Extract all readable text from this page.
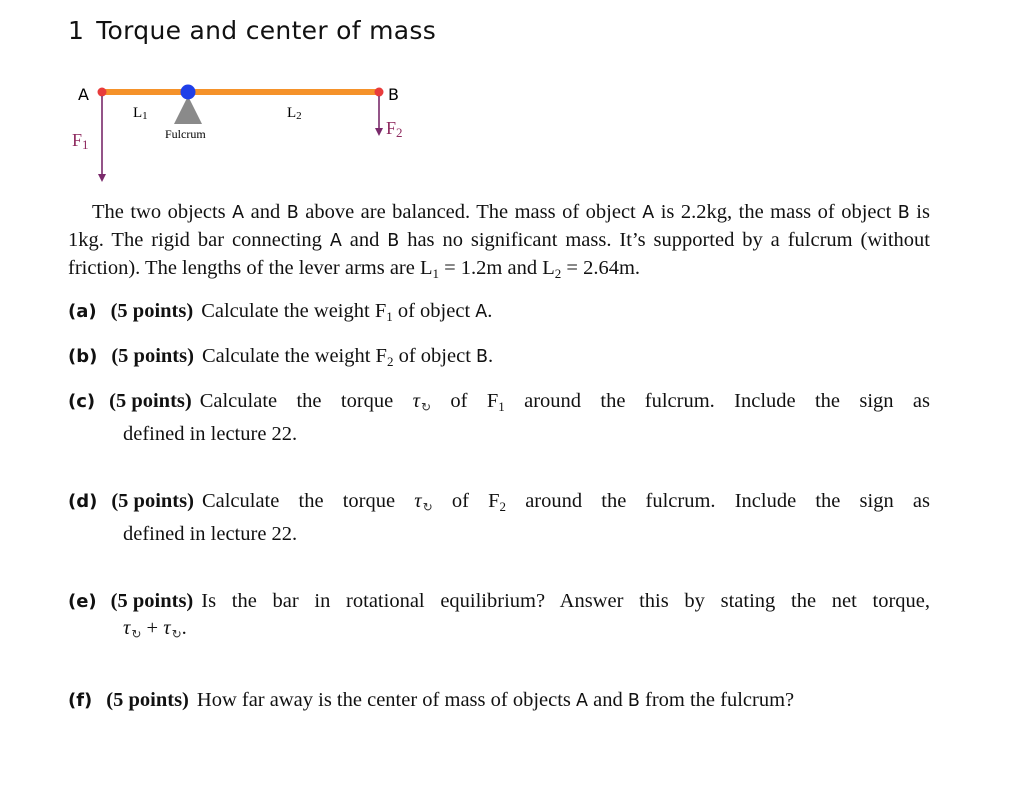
1 Torque and center of mass
A	B
L1	L2
Fulcrum
F1
F2
The two objects A and B above are balanced. The mass of object A is 2.2kg, the mass of object B is 1kg. The rigid bar connecting A and B has no significant mass. It’s supported by a fulcrum (without friction). The lengths of the lever arms are $L_1 = 1.2m$ and $L_2 = 2.64m$.
(a) (5 points) Calculate the weight $F_1$ of object A.
(b) (5 points) Calculate the weight $F_2$ of object B.
(c) (5 points) Calculate the torque τ↻ of $F_1$ around the fulcrum. Include the sign as
defined in lecture 22.
(d) (5 points) Calculate the torque τ↻ of $F_2$ around the fulcrum. Include the sign as
defined in lecture 22.
(e) (5 points) Is the bar in rotational equilibrium? Answer this by stating the net torque,
τ↻ + τ↻.
(f) (5 points) How far away is the center of mass of objects A and B from the fulcrum?
